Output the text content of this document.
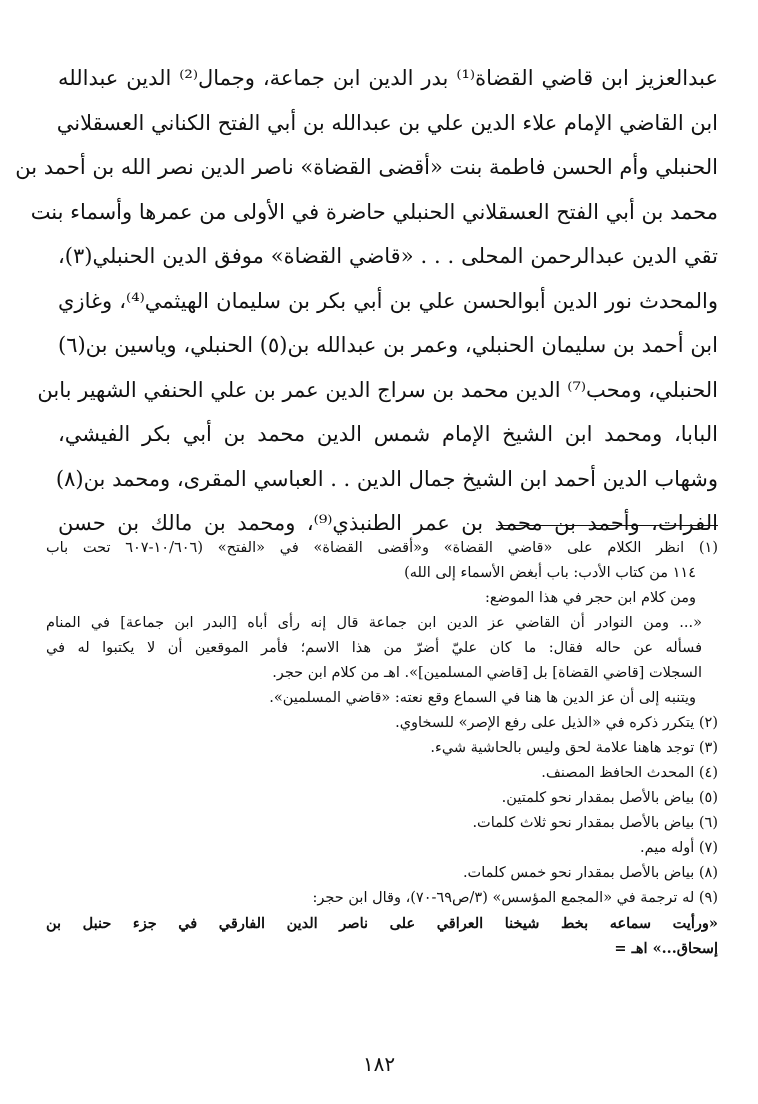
عبدالعزيز ابن قاضي القضاة⁽¹⁾ بدر الدين ابن جماعة، وجمال⁽²⁾ الدين عبدالله
ابن القاضي الإمام علاء الدين علي بن عبدالله بن أبي الفتح الكناني العسقلاني
الحنبلي وأم الحسن فاطمة بنت «أقضى القضاة» ناصر الدين نصر الله بن أحمد بن
محمد بن أبي الفتح العسقلاني الحنبلي حاضرة في الأولى من عمرها وأسماء بنت
تقي الدين عبدالرحمن المحلى . . . «قاضي القضاة» موفق الدين الحنبلي(٣)،
والمحدث نور الدين أبوالحسن علي بن أبي بكر بن سليمان الهيثمي⁽⁴⁾، وغازي
ابن أحمد بن سليمان الحنبلي، وعمر بن عبدالله بن(٥) الحنبلي، وياسين بن(٦)
الحنبلي، ومحب⁽⁷⁾ الدين محمد بن سراج الدين عمر بن علي الحنفي الشهير بابن
البابا، ومحمد ابن الشيخ الإمام شمس الدين محمد بن أبي بكر الفيشي،
وشهاب الدين أحمد ابن الشيخ جمال الدين . . العباسي المقرى، ومحمد بن(٨)
الفرات، وأحمد بن محمد بن عمر الطنبذي⁽⁹⁾، ومحمد بن مالك بن حسن
(١) انظر الكلام على «قاضي القضاة» و«أقضى القضاة» في «الفتح» (١٠/٦٠٦-٦٠٧ تحت باب
١١٤ من كتاب الأدب: باب أبغض الأسماء إلى الله)
ومن كلام ابن حجر في هذا الموضع:
«... ومن النوادر أن القاضي عز الدين ابن جماعة قال إنه رأى أباه [البدر ابن جماعة] في المنام
فسأله عن حاله فقال: ما كان عليّ أضرّ من هذا الاسم؛ فأمر الموقعين أن لا يكتبوا له في
السجلات [قاضي القضاة] بل [قاضي المسلمين]». اهـ من كلام ابن حجر.
ويتنبه إلى أن عز الدين ها هنا في السماع وقع نعته: «قاضي المسلمين».
(٢) يتكرر ذكره في «الذيل على رفع الإصر» للسخاوي.
(٣) توجد هاهنا علامة لحق وليس بالحاشية شيء.
(٤) المحدث الحافظ المصنف.
(٥) بياض بالأصل بمقدار نحو كلمتين.
(٦) بياض بالأصل بمقدار نحو ثلاث كلمات.
(٧) أوله ميم.
(٨) بياض بالأصل بمقدار نحو خمس كلمات.
(٩) له ترجمة في «المجمع المؤسس» (٣/ص٦٩-٧٠)، وقال ابن حجر:
«ورأيت سماعه بخط شيخنا العراقي على ناصر الدين الفارقي في جزء حنبل بن
إسحاق...» اهـ =
١٨٢
